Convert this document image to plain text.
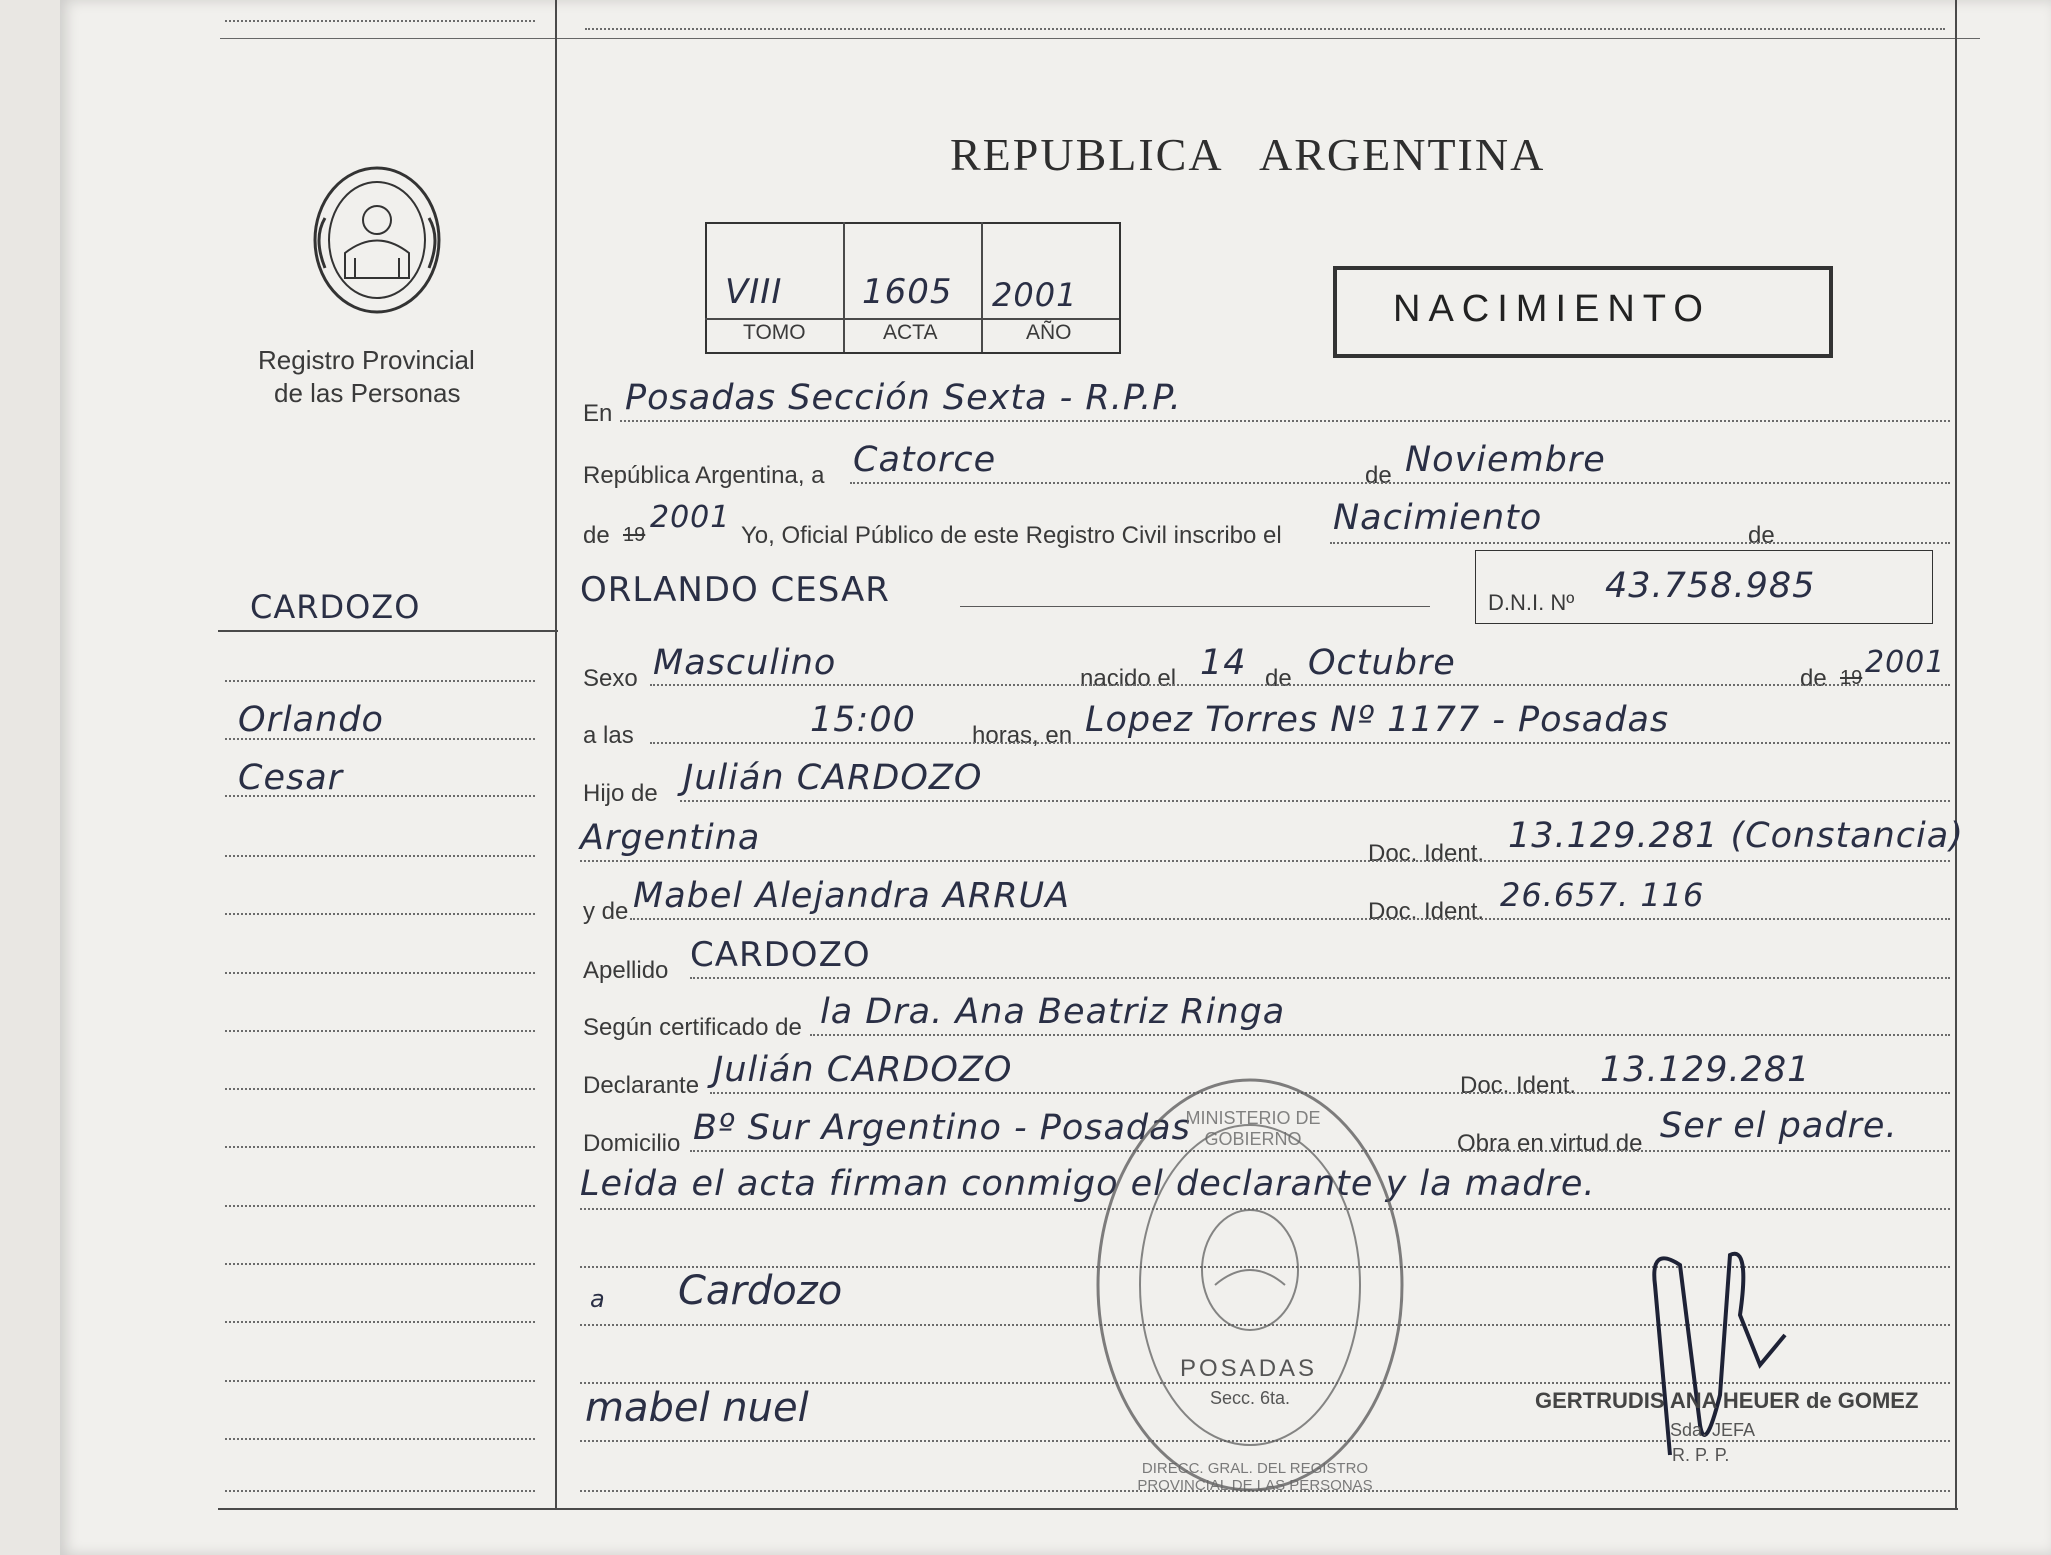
Registro Provincial
de las Personas
CARDOZO
Orlando
Cesar
REPUBLICA   ARGENTINA
VIII 1605 2001
TOMO	ACTA	AÑO
NACIMIENTO
En Posadas Sección Sexta - R.P.P.
República Argentina, a Catorce	de Noviembre
de 19 2001
Yo, Oficial Público de este Registro Civil inscribo el Nacimiento	de
ORLANDO CESAR	D.N.I. Nº 43.758.985
Sexo Masculino	nacido el 14 de Octubre	de 19 2001
a las	15:00 horas, en Lopez Torres Nº 1177 - Posadas
Hijo de Julián CARDOZO
Argentina	Doc. Ident. 13.129.281 (Constancia)
y de Mabel Alejandra ARRUA	Doc. Ident. 26.657. 116
Apellido CARDOZO
Según certificado de la Dra. Ana Beatriz Ringa
Declarante Julián CARDOZO	Doc. Ident. 13.129.281
Domicilio Bº Sur Argentino - Posadas	Obra en virtud de Ser el padre.
Leida el acta firman conmigo el declarante y la madre.
a Cardozo
mabel nuel
MINISTERIO DE GOBIERNO
POSADAS
Secc. 6ta.
DIRECC. GRAL. DEL REGISTRO PROVINCIAL DE LAS PERSONAS
GERTRUDIS ANA HEUER de GOMEZ
Sda. JEFA
R. P. P.
